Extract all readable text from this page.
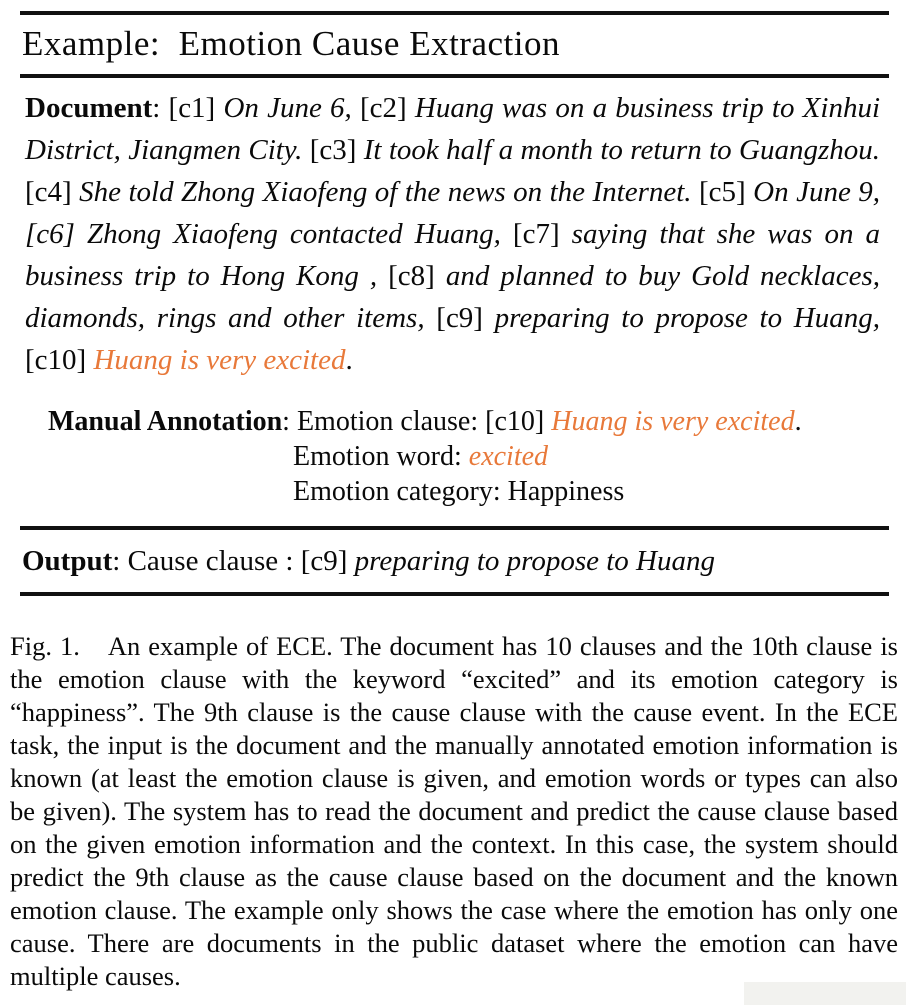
Example:  Emotion Cause Extraction

Document: [c1] On June 6, [c2] Huang was on a business trip to Xinhui District, Jiangmen City. [c3] It took half a month to return to Guangzhou. [c4] She told Zhong Xiaofeng of the news on the Internet. [c5] On June 9, [c6] Zhong Xiaofeng contacted Huang, [c7] saying that she was on a business trip to Hong Kong , [c8] and planned to buy Gold necklaces, diamonds, rings and other items, [c9] preparing to propose to Huang, [c10] Huang is very excited.

Manual Annotation: Emotion clause: [c10] Huang is very excited.
Emotion word: excited
Emotion category: Happiness
Output: Cause clause : [c9] preparing to propose to Huang

Fig. 1. An example of ECE. The document has 10 clauses and the 10th clause is the emotion clause with the keyword “excited” and its emotion category is “happiness”. The 9th clause is the cause clause with the cause event. In the ECE task, the input is the document and the manually annotated emotion information is known (at least the emotion clause is given, and emotion words or types can also be given). The system has to read the document and predict the cause clause based on the given emotion information and the context. In this case, the system should predict the 9th clause as the cause clause based on the document and the known emotion clause. The example only shows the case where the emotion has only one cause. There are documents in the public dataset where the emotion can have multiple causes.
